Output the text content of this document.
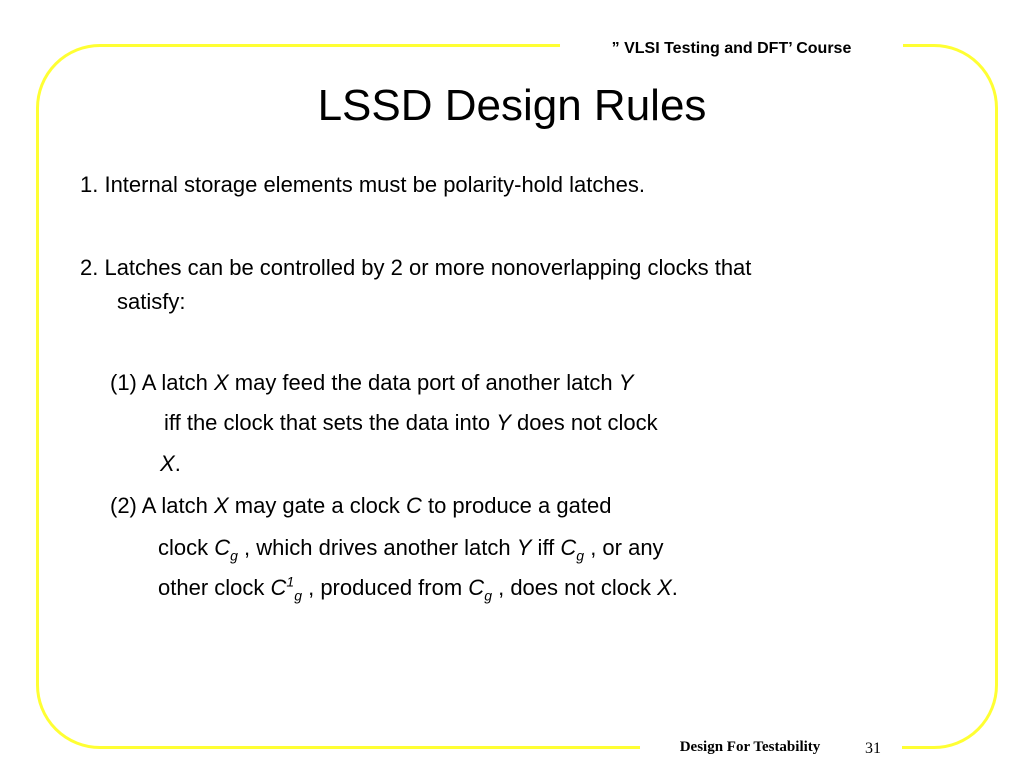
” VLSI Testing and DFT’ Course
LSSD Design Rules
1. Internal storage elements must be polarity-hold latches.
2. Latches can be controlled by 2 or more nonoverlapping clocks that
satisfy:
(1) A latch X may feed the data port of another latch Y
iff the clock that sets the data into Y does not clock
X.
(2) A latch X may gate a clock C to produce a gated
clock $C_g$ , which drives another latch Y iff $C_g$ , or any
other clock $C^1_g$ , produced from $C_g$ , does not clock X.
Design For Testability	31
